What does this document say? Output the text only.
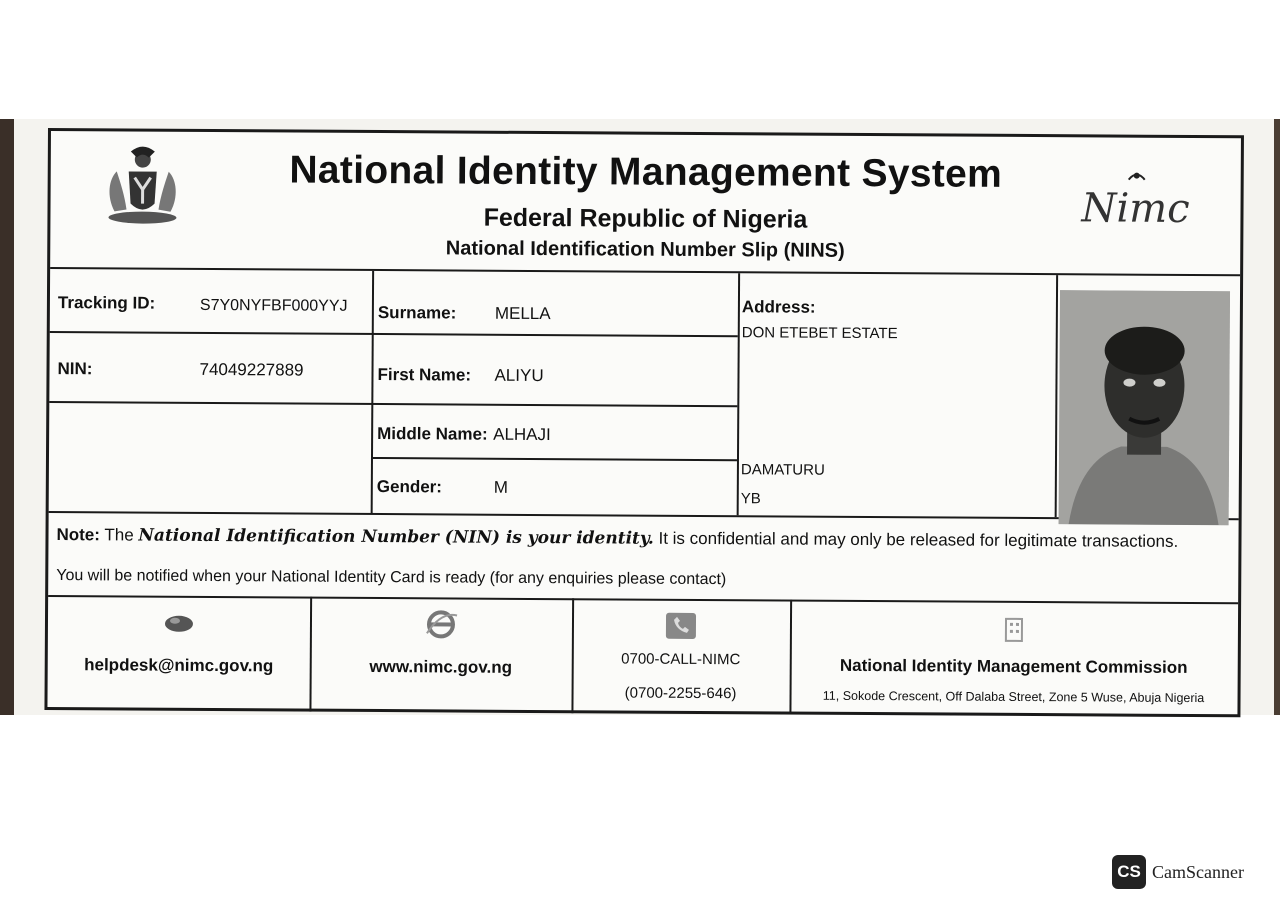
National Identity Management System
Federal Republic of Nigeria
National Identification Number Slip (NINS)
Nimc
Tracking ID:	S7Y0NYFBF000YYJ
NIN:	74049227889
Surname: MELLA
First Name: ALIYU
Middle Name: ALHAJI
Gender:	M
Address:
DON ETEBET ESTATE
DAMATURU
YB
Note: The National Identification Number (NIN) is your identity. It is confidential and may only be released for legitimate transactions.
You will be notified when your National Identity Card is ready (for any enquiries please contact)
helpdesk@nimc.gov.ng	www.nimc.gov.ng	0700-CALL-NIMC
(0700-2255-646)
National Identity Management Commission
11, Sokode Crescent, Off Dalaba Street, Zone 5 Wuse, Abuja Nigeria
CS CamScanner
